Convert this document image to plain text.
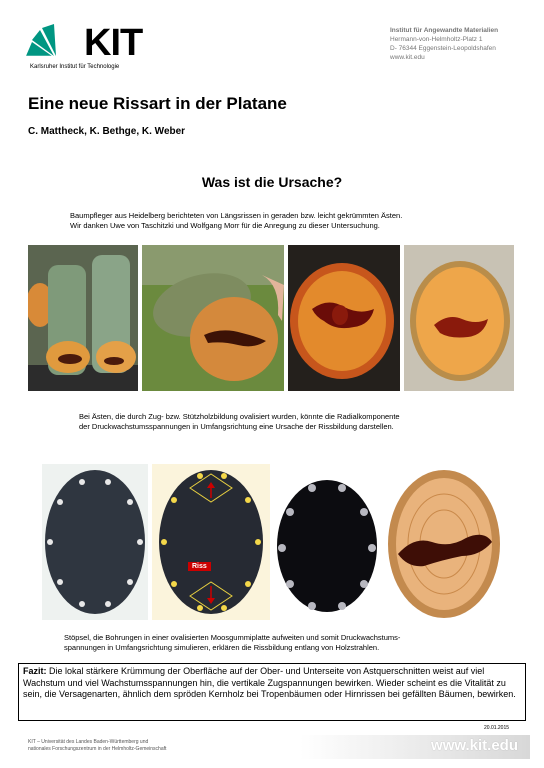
KIT
Karlsruher Institut für Technologie
Institut für Angewandte Materialien
Hermann-von-Helmholtz-Platz 1
D- 76344 Eggenstein-Leopoldshafen
www.kit.edu
Eine neue Rissart in der Platane
C. Mattheck, K. Bethge, K. Weber
Was ist die Ursache?
Baumpfleger aus Heidelberg berichteten von Längsrissen in geraden bzw. leicht gekrümmten Ästen.
Wir danken Uwe von Taschitzki und Wolfgang Morr für die Anregung zu dieser Untersuchung.
Bei Ästen, die durch Zug- bzw. Stützholzbildung ovalisiert wurden, könnte die Radialkomponente
der Druckwachstumsspannungen in Umfangsrichtung eine Ursache der Rissbildung darstellen.
Riss
Stöpsel, die Bohrungen in einer ovalisierten Moosgummiplatte aufweiten und somit Druckwachstums-
spannungen in Umfangsrichtung simulieren, erklären die Rissbildung entlang von Holzstrahlen.
Fazit: Die lokal stärkere Krümmung der Oberfläche auf der Ober- und Unterseite von Astquerschnitten weist auf viel Wachstum und viel Wachstumsspannungen hin, die vertikale Zugspannungen bewirken. Wieder scheint es die Vitalität zu sein, die Versagenarten, ähnlich dem spröden Kernholz bei Tropenbäumen oder Hirnrissen bei gefällten Bäumen, bewirken.
20.01.2015
KIT – Universität des Landes Baden-Württemberg und
nationales Forschungszentrum in der Helmholtz-Gemeinschaft	www.kit.edu
